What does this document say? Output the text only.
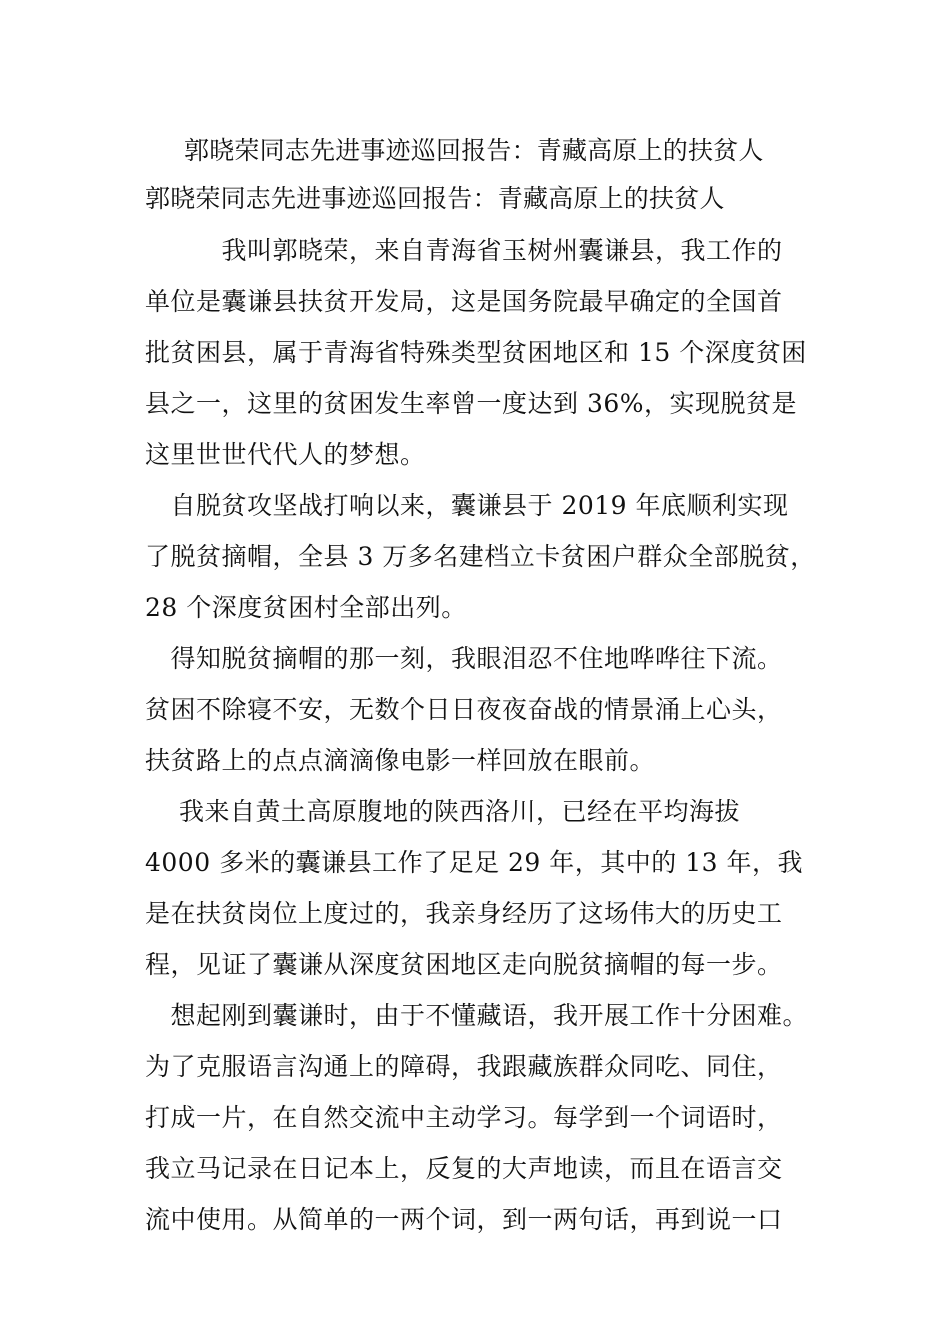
郭晓荣同志先进事迹巡回报告：青藏高原上的扶贫人
郭晓荣同志先进事迹巡回报告：青藏高原上的扶贫人
　　　我叫郭晓荣，来自青海省玉树州囊谦县，我工作的
单位是囊谦县扶贫开发局，这是国务院最早确定的全国首
批贫困县，属于青海省特殊类型贫困地区和 15 个深度贫困
县之一，这里的贫困发生率曾一度达到 36%，实现脱贫是
这里世世代代人的梦想。
　自脱贫攻坚战打响以来，囊谦县于 2019 年底顺利实现
了脱贫摘帽，全县 3 万多名建档立卡贫困户群众全部脱贫，
28 个深度贫困村全部出列。
　得知脱贫摘帽的那一刻，我眼泪忍不住地哗哗往下流。
贫困不除寝不安，无数个日日夜夜奋战的情景涌上心头，
扶贫路上的点点滴滴像电影一样回放在眼前。
　 我来自黄土高原腹地的陕西洛川，已经在平均海拔
4000 多米的囊谦县工作了足足 29 年，其中的 13 年，我
是在扶贫岗位上度过的，我亲身经历了这场伟大的历史工
程，见证了囊谦从深度贫困地区走向脱贫摘帽的每一步。
　想起刚到囊谦时，由于不懂藏语，我开展工作十分困难。
为了克服语言沟通上的障碍，我跟藏族群众同吃、同住，
打成一片，在自然交流中主动学习。每学到一个词语时，
我立马记录在日记本上，反复的大声地读，而且在语言交
流中使用。从简单的一两个词，到一两句话，再到说一口
